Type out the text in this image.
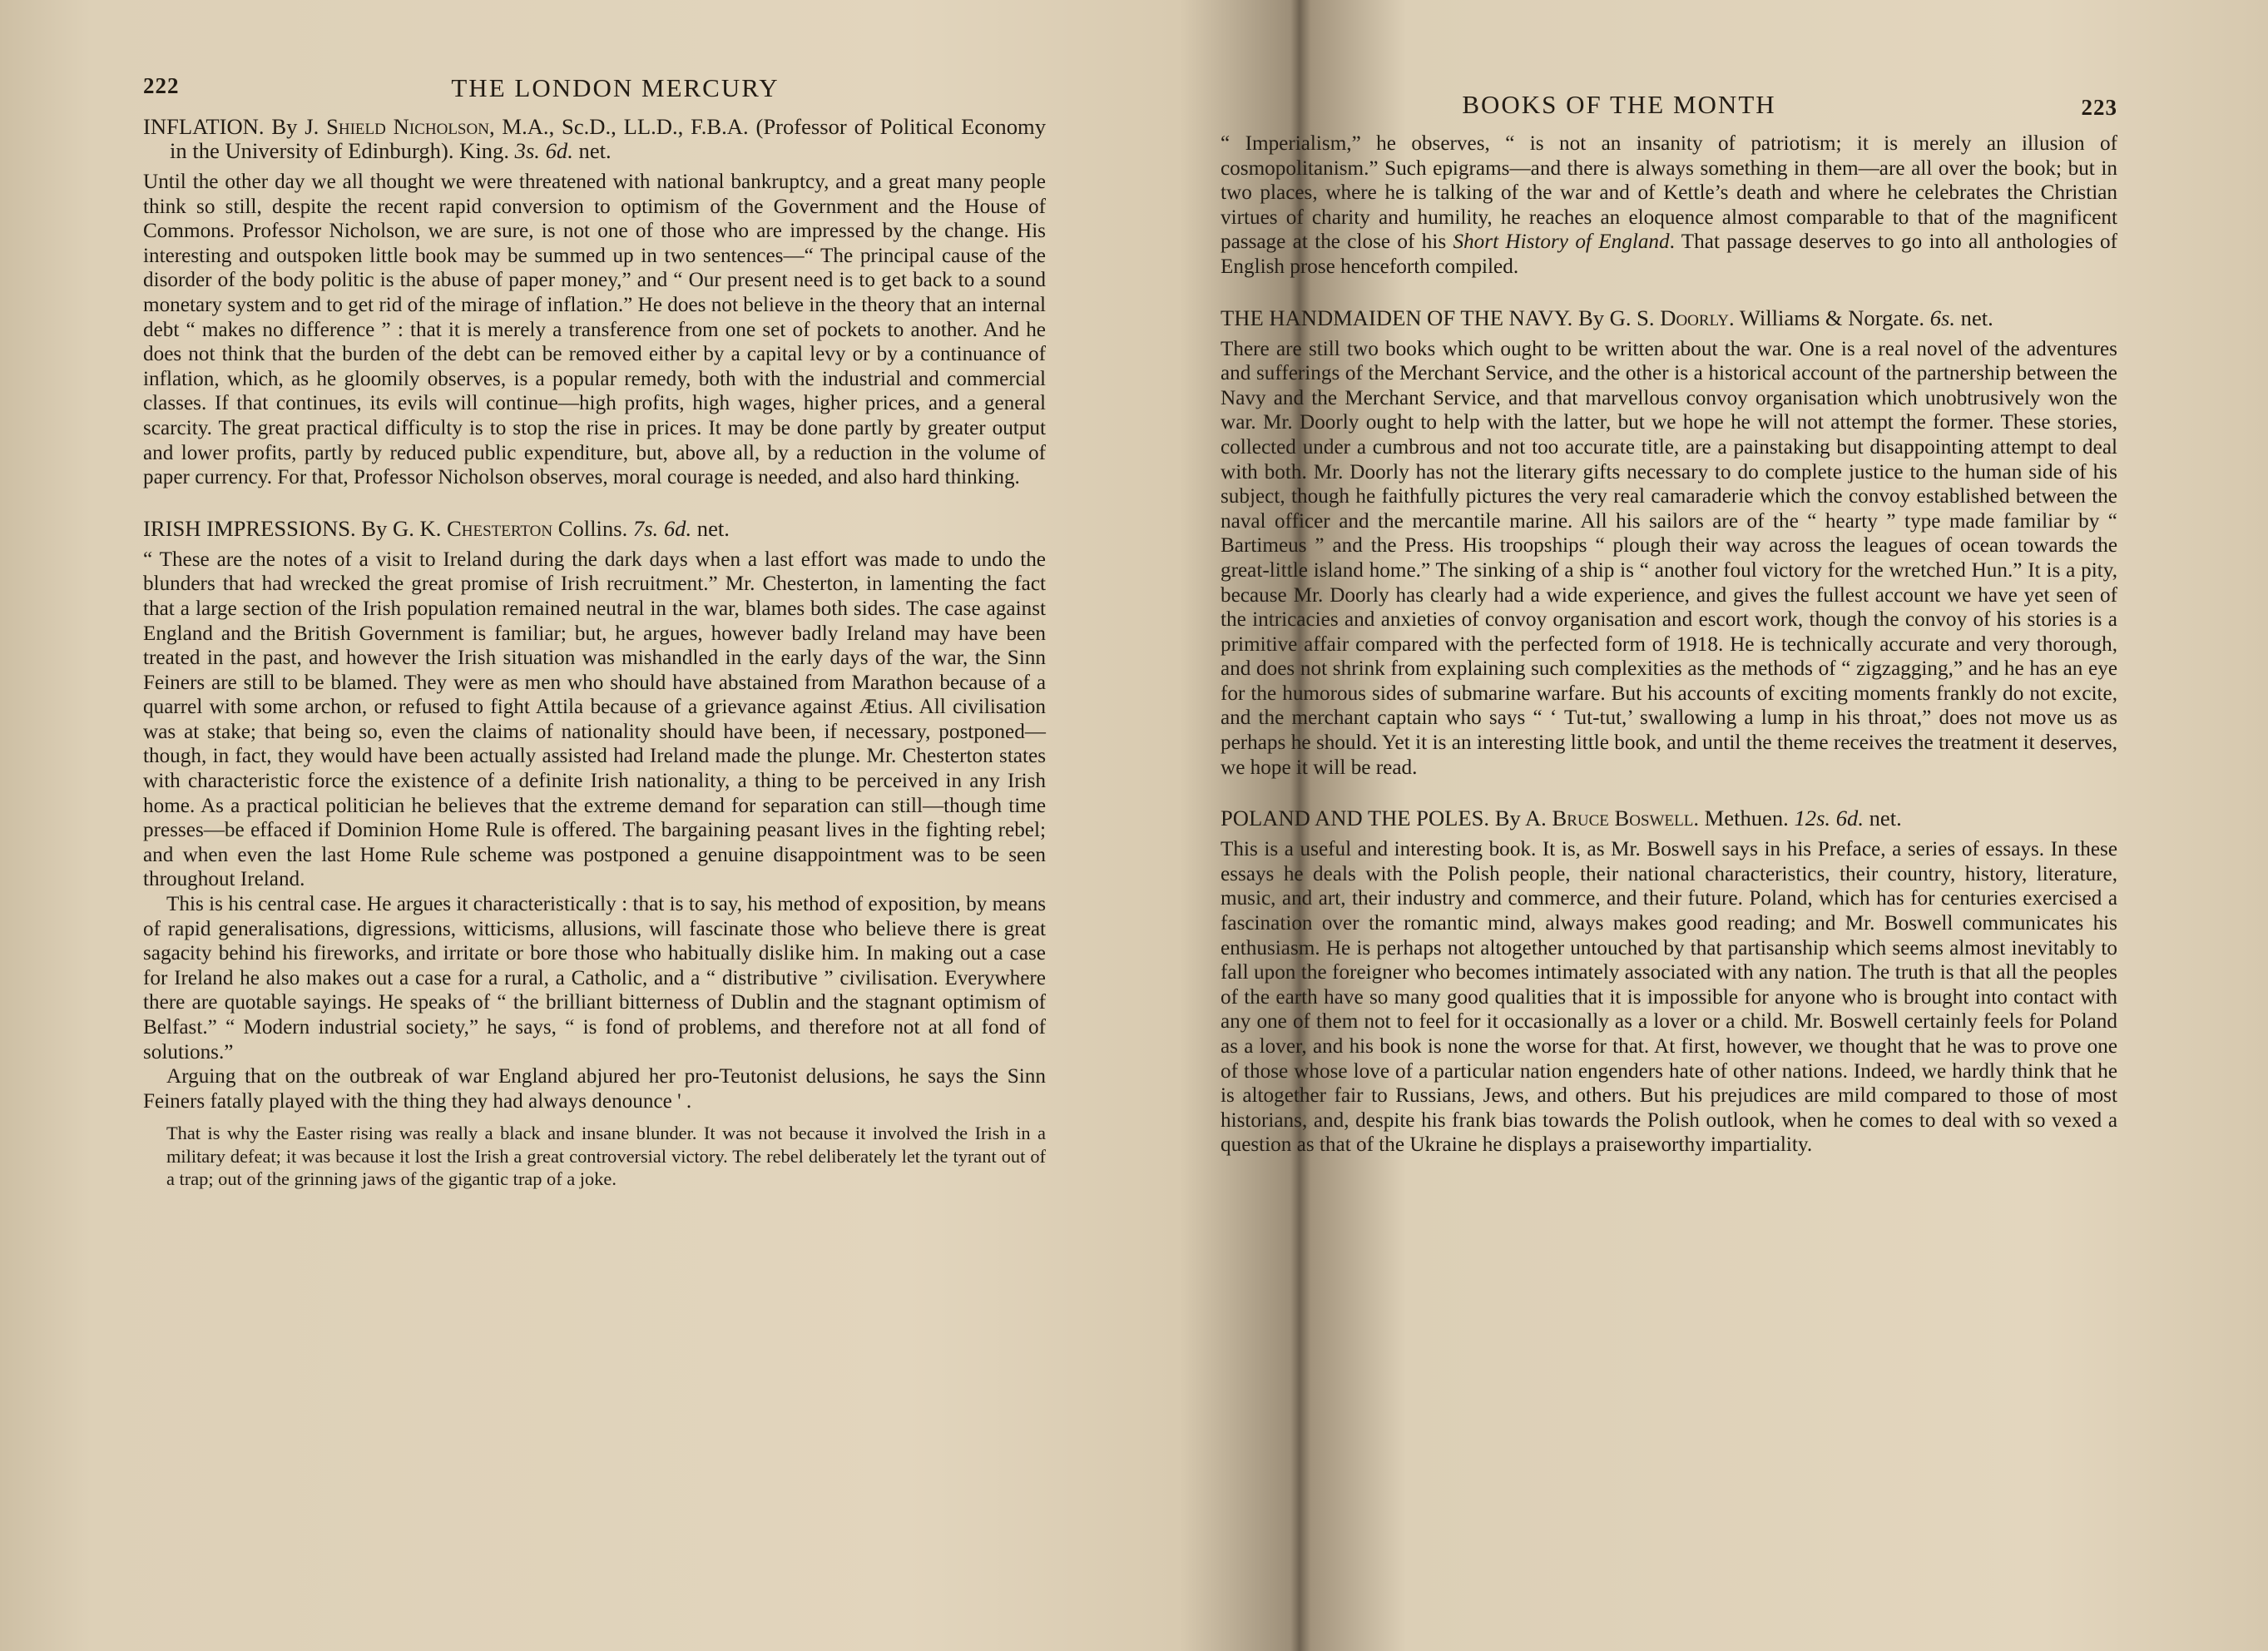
222	THE LONDON MERCURY
INFLATION. By J. Shield Nicholson, M.A., Sc.D., LL.D., F.B.A. (Professor of Political Economy in the University of Edinburgh). King. 3s. 6d. net.

Until the other day we all thought we were threatened with national bankruptcy, and a great many people think so still, despite the recent rapid conversion to optimism of the Government and the House of Commons. Professor Nicholson, we are sure, is not one of those who are impressed by the change. His interesting and outspoken little book may be summed up in two sentences—“ The principal cause of the disorder of the body politic is the abuse of paper money,” and “ Our present need is to get back to a sound monetary system and to get rid of the mirage of inflation.” He does not believe in the theory that an internal debt “ makes no difference ” : that it is merely a transference from one set of pockets to another. And he does not think that the burden of the debt can be removed either by a capital levy or by a continuance of inflation, which, as he gloomily observes, is a popular remedy, both with the industrial and commercial classes. If that continues, its evils will continue—high profits, high wages, higher prices, and a general scarcity. The great practical difficulty is to stop the rise in prices. It may be done partly by greater output and lower profits, partly by reduced public expenditure, but, above all, by a reduction in the volume of paper currency. For that, Professor Nicholson observes, moral courage is needed, and also hard thinking.

IRISH IMPRESSIONS. By G. K. Chesterton Collins. 7s. 6d. net.

“ These are the notes of a visit to Ireland during the dark days when a last effort was made to undo the blunders that had wrecked the great promise of Irish recruitment.” Mr. Chesterton, in lamenting the fact that a large section of the Irish population remained neutral in the war, blames both sides. The case against England and the British Government is familiar; but, he argues, however badly Ireland may have been treated in the past, and however the Irish situation was mishandled in the early days of the war, the Sinn Feiners are still to be blamed. They were as men who should have abstained from Marathon because of a quarrel with some archon, or refused to fight Attila because of a grievance against Ætius. All civilisation was at stake; that being so, even the claims of nationality should have been, if necessary, postponed—though, in fact, they would have been actually assisted had Ireland made the plunge. Mr. Chesterton states with characteristic force the existence of a definite Irish nationality, a thing to be perceived in any Irish home. As a practical politician he believes that the extreme demand for separation can still—though time presses—be effaced if Dominion Home Rule is offered. The bargaining peasant lives in the fighting rebel; and when even the last Home Rule scheme was postponed a genuine disappointment was to be seen throughout Ireland.

This is his central case. He argues it characteristically : that is to say, his method of exposition, by means of rapid generalisations, digressions, witticisms, allusions, will fascinate those who believe there is great sagacity behind his fireworks, and irritate or bore those who habitually dislike him. In making out a case for Ireland he also makes out a case for a rural, a Catholic, and a “ distributive ” civilisation. Everywhere there are quotable sayings. He speaks of “ the brilliant bitterness of Dublin and the stagnant optimism of Belfast.” “ Modern industrial society,” he says, “ is fond of problems, and therefore not at all fond of solutions.”

Arguing that on the outbreak of war England abjured her pro-Teutonist delusions, he says the Sinn Feiners fatally played with the thing they had always denounce ' .

That is why the Easter rising was really a black and insane blunder. It was not because it involved the Irish in a military defeat; it was because it lost the Irish a great controversial victory. The rebel deliberately let the tyrant out of a trap; out of the grinning jaws of the gigantic trap of a joke.
BOOKS OF THE MONTH	223

“ Imperialism,” he observes, “ is not an insanity of patriotism; it is merely an illusion of cosmopolitanism.” Such epigrams—and there is always something in them—are all over the book; but in two places, where he is talking of the war and of Kettle’s death and where he celebrates the Christian virtues of charity and humility, he reaches an eloquence almost comparable to that of the magnificent passage at the close of his Short History of England. That passage deserves to go into all anthologies of English prose henceforth compiled.

THE HANDMAIDEN OF THE NAVY. By G. S. Doorly. Williams & Norgate. 6s. net.

There are still two books which ought to be written about the war. One is a real novel of the adventures and sufferings of the Merchant Service, and the other is a historical account of the partnership between the Navy and the Merchant Service, and that marvellous convoy organisation which unobtrusively won the war. Mr. Doorly ought to help with the latter, but we hope he will not attempt the former. These stories, collected under a cumbrous and not too accurate title, are a painstaking but disappointing attempt to deal with both. Mr. Doorly has not the literary gifts necessary to do complete justice to the human side of his subject, though he faithfully pictures the very real camaraderie which the convoy established between the naval officer and the mercantile marine. All his sailors are of the “ hearty ” type made familiar by “ Bartimeus ” and the Press. His troopships “ plough their way across the leagues of ocean towards the great-little island home.” The sinking of a ship is “ another foul victory for the wretched Hun.” It is a pity, because Mr. Doorly has clearly had a wide experience, and gives the fullest account we have yet seen of the intricacies and anxieties of convoy organisation and escort work, though the convoy of his stories is a primitive affair compared with the perfected form of 1918. He is technically accurate and very thorough, and does not shrink from explaining such complexities as the methods of “ zigzagging,” and he has an eye for the humorous sides of submarine warfare. But his accounts of exciting moments frankly do not excite, and the merchant captain who says “ ‘ Tut-tut,’ swallowing a lump in his throat,” does not move us as perhaps he should. Yet it is an interesting little book, and until the theme receives the treatment it deserves, we hope it will be read.

POLAND AND THE POLES. By A. Bruce Boswell. Methuen. 12s. 6d. net.

This is a useful and interesting book. It is, as Mr. Boswell says in his Preface, a series of essays. In these essays he deals with the Polish people, their national characteristics, their country, history, literature, music, and art, their industry and commerce, and their future. Poland, which has for centuries exercised a fascination over the romantic mind, always makes good reading; and Mr. Boswell communicates his enthusiasm. He is perhaps not altogether untouched by that partisanship which seems almost inevitably to fall upon the foreigner who becomes intimately associated with any nation. The truth is that all the peoples of the earth have so many good qualities that it is impossible for anyone who is brought into contact with any one of them not to feel for it occasionally as a lover or a child. Mr. Boswell certainly feels for Poland as a lover, and his book is none the worse for that. At first, however, we thought that he was to prove one of those whose love of a particular nation engenders hate of other nations. Indeed, we hardly think that he is altogether fair to Russians, Jews, and others. But his prejudices are mild compared to those of most historians, and, despite his frank bias towards the Polish outlook, when he comes to deal with so vexed a question as that of the Ukraine he displays a praiseworthy impartiality.
